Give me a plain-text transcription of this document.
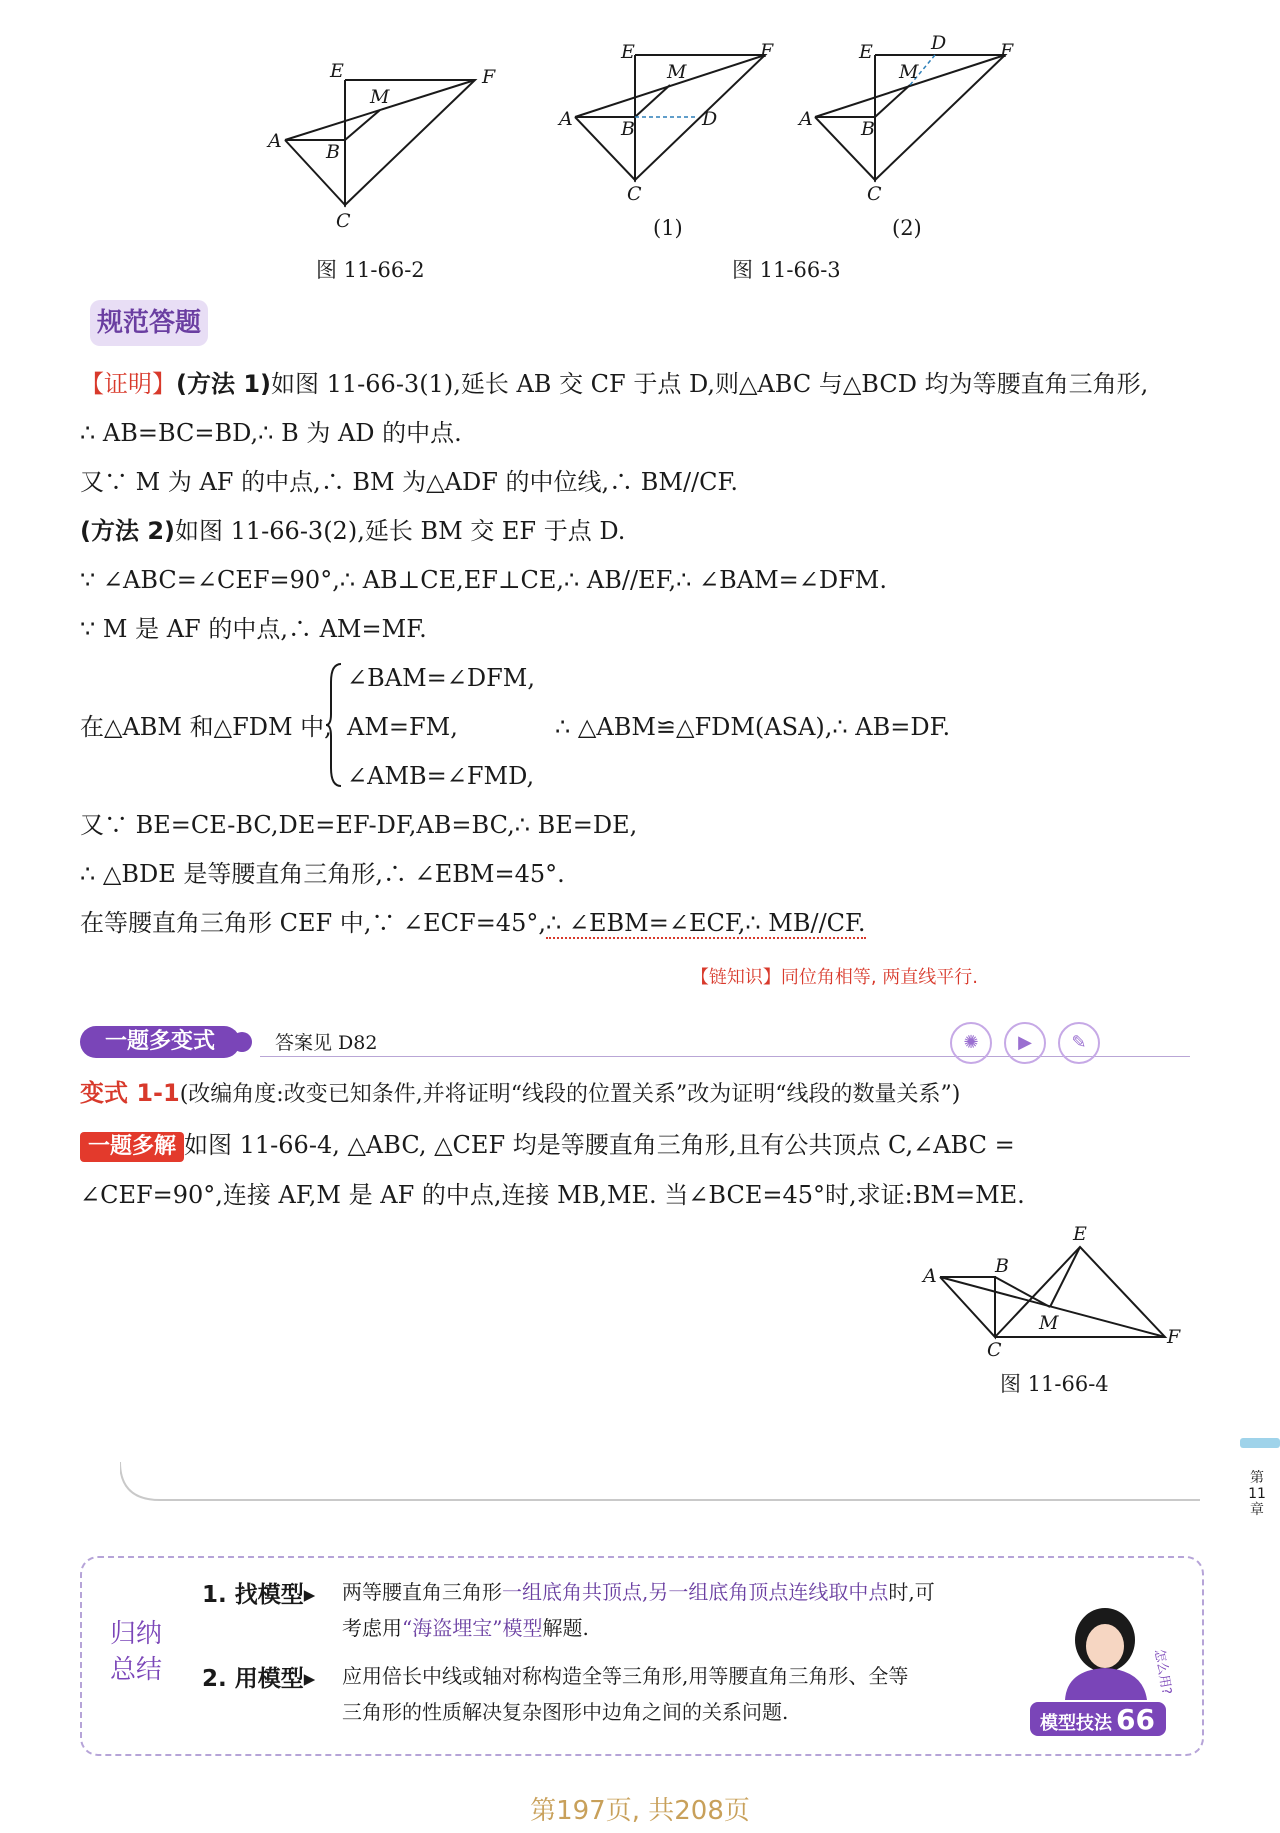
E	F
M
A B
C
图 11-66-2
E	F
M
A	B	D
C
(1)
E	F
D
M
A	B
C
(2)
图 11-66-3
规范答题
【证明】(方法 1)如图 11-66-3(1),延长 AB 交 CF 于点 D,则△ABC 与△BCD 均为等腰直角三角形,
∴ AB=BC=BD,∴ B 为 AD 的中点.
又∵ M 为 AF 的中点,∴ BM 为△ADF 的中位线,∴ BM//CF.
(方法 2)如图 11-66-3(2),延长 BM 交 EF 于点 D.
∵ ∠ABC=∠CEF=90°,∴ AB⊥CE,EF⊥CE,∴ AB//EF,∴ ∠BAM=∠DFM.
∵ M 是 AF 的中点,∴ AM=MF.
在△ABM 和△FDM 中,
∠BAM=∠DFM,
AM=FM,
∠AMB=∠FMD,
∴ △ABM≌△FDM(ASA),∴ AB=DF.
又∵ BE=CE-BC,DE=EF-DF,AB=BC,∴ BE=DE,
∴ △BDE 是等腰直角三角形,∴ ∠EBM=45°.
在等腰直角三角形 CEF 中,∵ ∠ECF=45°,∴ ∠EBM=∠ECF,∴ MB//CF.
【链知识】同位角相等, 两直线平行.
一题多变式	答案见 D82	✺	▶	✎
变式 1-1(改编角度:改变已知条件,并将证明“线段的位置关系”改为证明“线段的数量关系”)
一题多解 如图 11-66-4, △ABC, △CEF 均是等腰直角三角形,且有公共顶点 C,∠ABC =
∠CEF=90°,连接 AF,M 是 AF 的中点,连接 MB,ME. 当∠BCE=45°时,求证:BM=ME.
E
B
A
M
F
C
图 11-66-4
第11章
归纳总结
1. 找模型▸ 两等腰直角三角形一组底角共顶点,另一组底角顶点连线取中点时,可
考虑用“海盗埋宝”模型解题.
2. 用模型▸ 应用倍长中线或轴对称构造全等三角形,用等腰直角三角形、全等
三角形的性质解决复杂图形中边角之间的关系问题.
怎么用?
模型技法 66
第197页, 共208页
